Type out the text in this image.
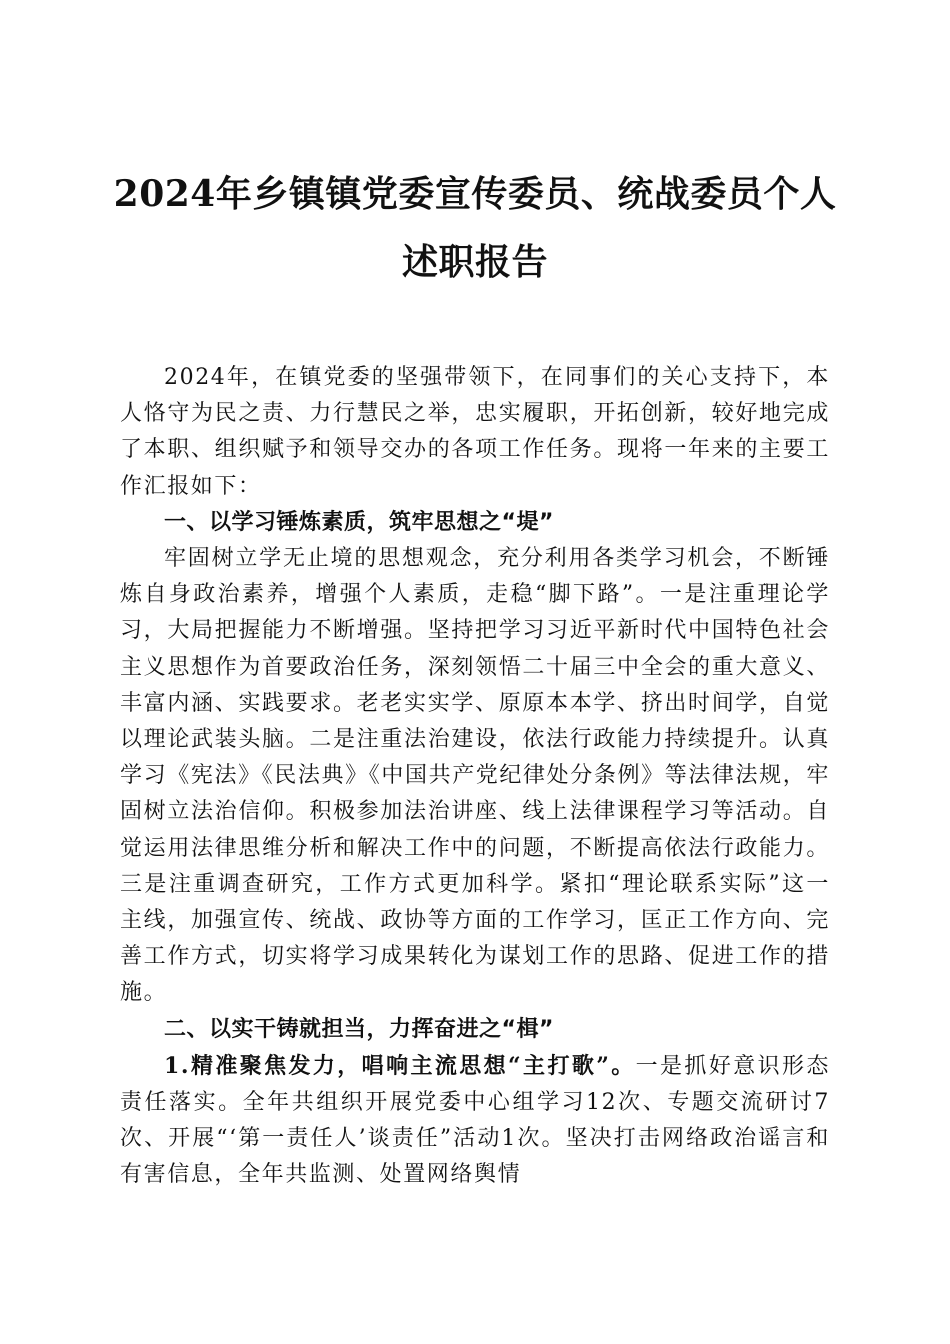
2024年乡镇镇党委宣传委员、统战委员个人
述职报告

2024年，在镇党委的坚强带领下，在同事们的关心支持下，本人恪守为民之责、力行慧民之举，忠实履职，开拓创新，较好地完成了本职、组织赋予和领导交办的各项工作任务。现将一年来的主要工作汇报如下：

一、以学习锤炼素质，筑牢思想之“堤”

牢固树立学无止境的思想观念，充分利用各类学习机会，不断锤炼自身政治素养，增强个人素质，走稳“脚下路”。一是注重理论学习，大局把握能力不断增强。坚持把学习习近平新时代中国特色社会主义思想作为首要政治任务，深刻领悟二十届三中全会的重大意义、丰富内涵、实践要求。老老实实学、原原本本学、挤出时间学，自觉以理论武装头脑。二是注重法治建设，依法行政能力持续提升。认真学习《宪法》《民法典》《中国共产党纪律处分条例》等法律法规，牢固树立法治信仰。积极参加法治讲座、线上法律课程学习等活动。自觉运用法律思维分析和解决工作中的问题，不断提高依法行政能力。三是注重调查研究，工作方式更加科学。紧扣“理论联系实际”这一主线，加强宣传、统战、政协等方面的工作学习，匡正工作方向、完善工作方式，切实将学习成果转化为谋划工作的思路、促进工作的措施。

二、以实干铸就担当，力挥奋进之“楫”

1.精准聚焦发力，唱响主流思想“主打歌”。一是抓好意识形态责任落实。全年共组织开展党委中心组学习12次、专题交流研讨7次、开展“‘第一责任人’谈责任”活动1次。坚决打击网络政治谣言和有害信息，全年共监测、处置网络舆情
